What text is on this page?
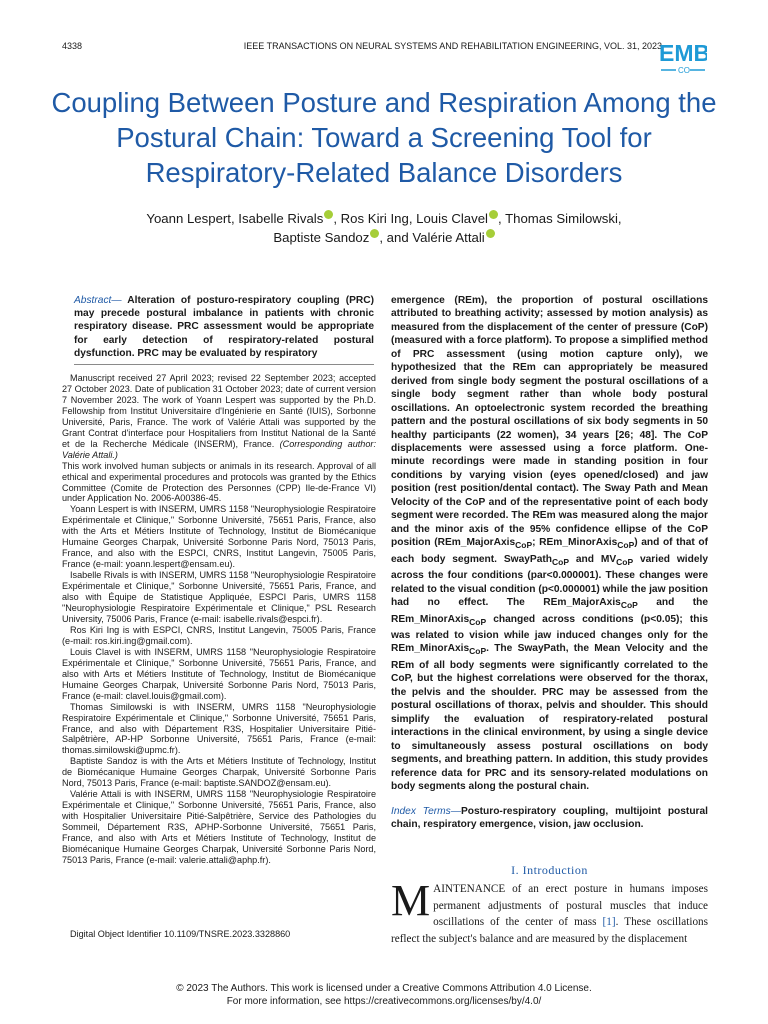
4338	IEEE TRANSACTIONS ON NEURAL SYSTEMS AND REHABILITATION ENGINEERING, VOL. 31, 2023
EMB
CO
Coupling Between Posture and Respiration Among the Postural Chain: Toward a Screening Tool for Respiratory-Related Balance Disorders
Yoann Lespert, Isabelle Rivals , Ros Kiri Ing, Louis Clavel , Thomas Similowski,
Baptiste Sandoz , and Valérie Attali
Abstract— Alteration of posturo-respiratory coupling (PRC) may precede postural imbalance in patients with chronic respiratory disease. PRC assessment would be appropriate for early detection of respiratory-related postural dysfunction. PRC may be evaluated by respiratory

Manuscript received 27 April 2023; revised 22 September 2023; accepted 27 October 2023. Date of publication 31 October 2023; date of current version 7 November 2023. The work of Yoann Lespert was supported by the Ph.D. Fellowship from Institut Universitaire d'Ingénierie en Santé (IUIS), Sorbonne Université, Paris, France. The work of Valérie Attali was supported by the Grant Contrat d'interface pour Hospitaliers from Institut National de la Santé et de la Recherche Médicale (INSERM), France. (Corresponding author: Valérie Attali.)

This work involved human subjects or animals in its research. Approval of all ethical and experimental procedures and protocols was granted by the Ethics Committee (Comite de Protection des Personnes (CPP) Ile-de-France VI) under Application No. 2006-A00386-45.

Yoann Lespert is with INSERM, UMRS 1158 "Neurophysiologie Respiratoire Expérimentale et Clinique," Sorbonne Université, 75651 Paris, France, also with the Arts et Métiers Institute of Technology, Institut de Biomécanique Humaine Georges Charpak, Université Sorbonne Paris Nord, 75013 Paris, France, and also with the ESPCI, CNRS, Institut Langevin, 75005 Paris, France (e-mail: yoann.lespert@ensam.eu).

Isabelle Rivals is with INSERM, UMRS 1158 "Neurophysiologie Respiratoire Expérimentale et Clinique," Sorbonne Université, 75651 Paris, France, and also with Équipe de Statistique Appliquée, ESPCI Paris, UMRS 1158 "Neurophysiologie Respiratoire Expérimentale et Clinique," PSL Research University, 75006 Paris, France (e-mail: isabelle.rivals@espci.fr).

Ros Kiri Ing is with ESPCI, CNRS, Institut Langevin, 75005 Paris, France (e-mail: ros.kiri.ing@gmail.com).

Louis Clavel is with INSERM, UMRS 1158 "Neurophysiologie Respiratoire Expérimentale et Clinique," Sorbonne Université, 75651 Paris, France, and also with Arts et Métiers Institute of Technology, Institut de Biomécanique Humaine Georges Charpak, Université Sorbonne Paris Nord, 75013 Paris, France (e-mail: clavel.louis@gmail.com).

Thomas Similowski is with INSERM, UMRS 1158 "Neurophysiologie Respiratoire Expérimentale et Clinique," Sorbonne Université, 75651 Paris, France, and also with Département R3S, Hospitalier Universitaire Pitié-Salpêtrière, AP-HP Sorbonne Université, 75651 Paris, France (e-mail: thomas.similowski@upmc.fr).

Baptiste Sandoz is with the Arts et Métiers Institute of Technology, Institut de Biomécanique Humaine Georges Charpak, Université Sorbonne Paris Nord, 75013 Paris, France (e-mail: baptiste.SANDOZ@ensam.eu).

Valérie Attali is with INSERM, UMRS 1158 "Neurophysiologie Respiratoire Expérimentale et Clinique," Sorbonne Université, 75651 Paris, France, also with Hospitalier Universitaire Pitié-Salpêtrière, Service des Pathologies du Sommeil, Département R3S, APHP-Sorbonne Université, 75651 Paris, France, and also with Arts et Métiers Institute of Technology, Institut de Biomécanique Humaine Georges Charpak, Université Sorbonne Paris Nord, 75013 Paris, France (e-mail: valerie.attali@aphp.fr).

Digital Object Identifier 10.1109/TNSRE.2023.3328860

emergence (REm), the proportion of postural oscillations attributed to breathing activity; assessed by motion analysis) as measured from the displacement of the center of pressure (CoP) (measured with a force platform). To propose a simplified method of PRC assessment (using motion capture only), we hypothesized that the REm can appropriately be measured derived from single body segment the postural oscillations of a single body segment rather than whole body postural oscillations. An optoelectronic system recorded the breathing pattern and the postural oscillations of six body segments in 50 healthy participants (22 women), 34 years [26; 48]. The CoP displacements were assessed using a force platform. One-minute recordings were made in standing position in four conditions by varying vision (eyes opened/closed) and jaw position (rest position/dental contact). The Sway Path and Mean Velocity of the CoP and of the representative point of each body segment were recorded. The REm was measured along the major and the minor axis of the 95% confidence ellipse of the CoP position (REm_MajorAxis$_{CoP}$; REm_MinorAxis$_{CoP}$) and of that of each body segment. SwayPath$_{CoP}$ and $MV_{CoP}$ varied widely across the four conditions (par<0.000001). These changes were related to the visual condition (p<0.000001) while the jaw position had no effect. The REm_MajorAxis$_{CoP}$ and the REm_MinorAxis$_{CoP}$ changed across conditions (p<0.05); this was related to vision while jaw induced changes only for the REm_MinorAxis$_{CoP}$. The SwayPath, the Mean Velocity and the REm of all body segments were significantly correlated to the CoP, but the highest correlations were observed for the thorax, the pelvis and the shoulder. PRC may be assessed from the postural oscillations of thorax, pelvis and shoulder. This should simplify the evaluation of respiratory-related postural interactions in the clinical environment, by using a single device to simultaneously assess postural oscillations on body segments, and breathing pattern. In addition, this study provides reference data for PRC and its sensory-related modulations on body segments along the postural chain.

Index Terms—Posturo-respiratory coupling, multijoint postural chain, respiratory emergence, vision, jaw occlusion.
I. Introduction
MAINTENANCE of an erect posture in humans imposes permanent adjustments of postural muscles that induce oscillations of the center of mass [1]. These oscillations reflect the subject's balance and are measured by the displacement
© 2023 The Authors. This work is licensed under a Creative Commons Attribution 4.0 License.
For more information, see https://creativecommons.org/licenses/by/4.0/
